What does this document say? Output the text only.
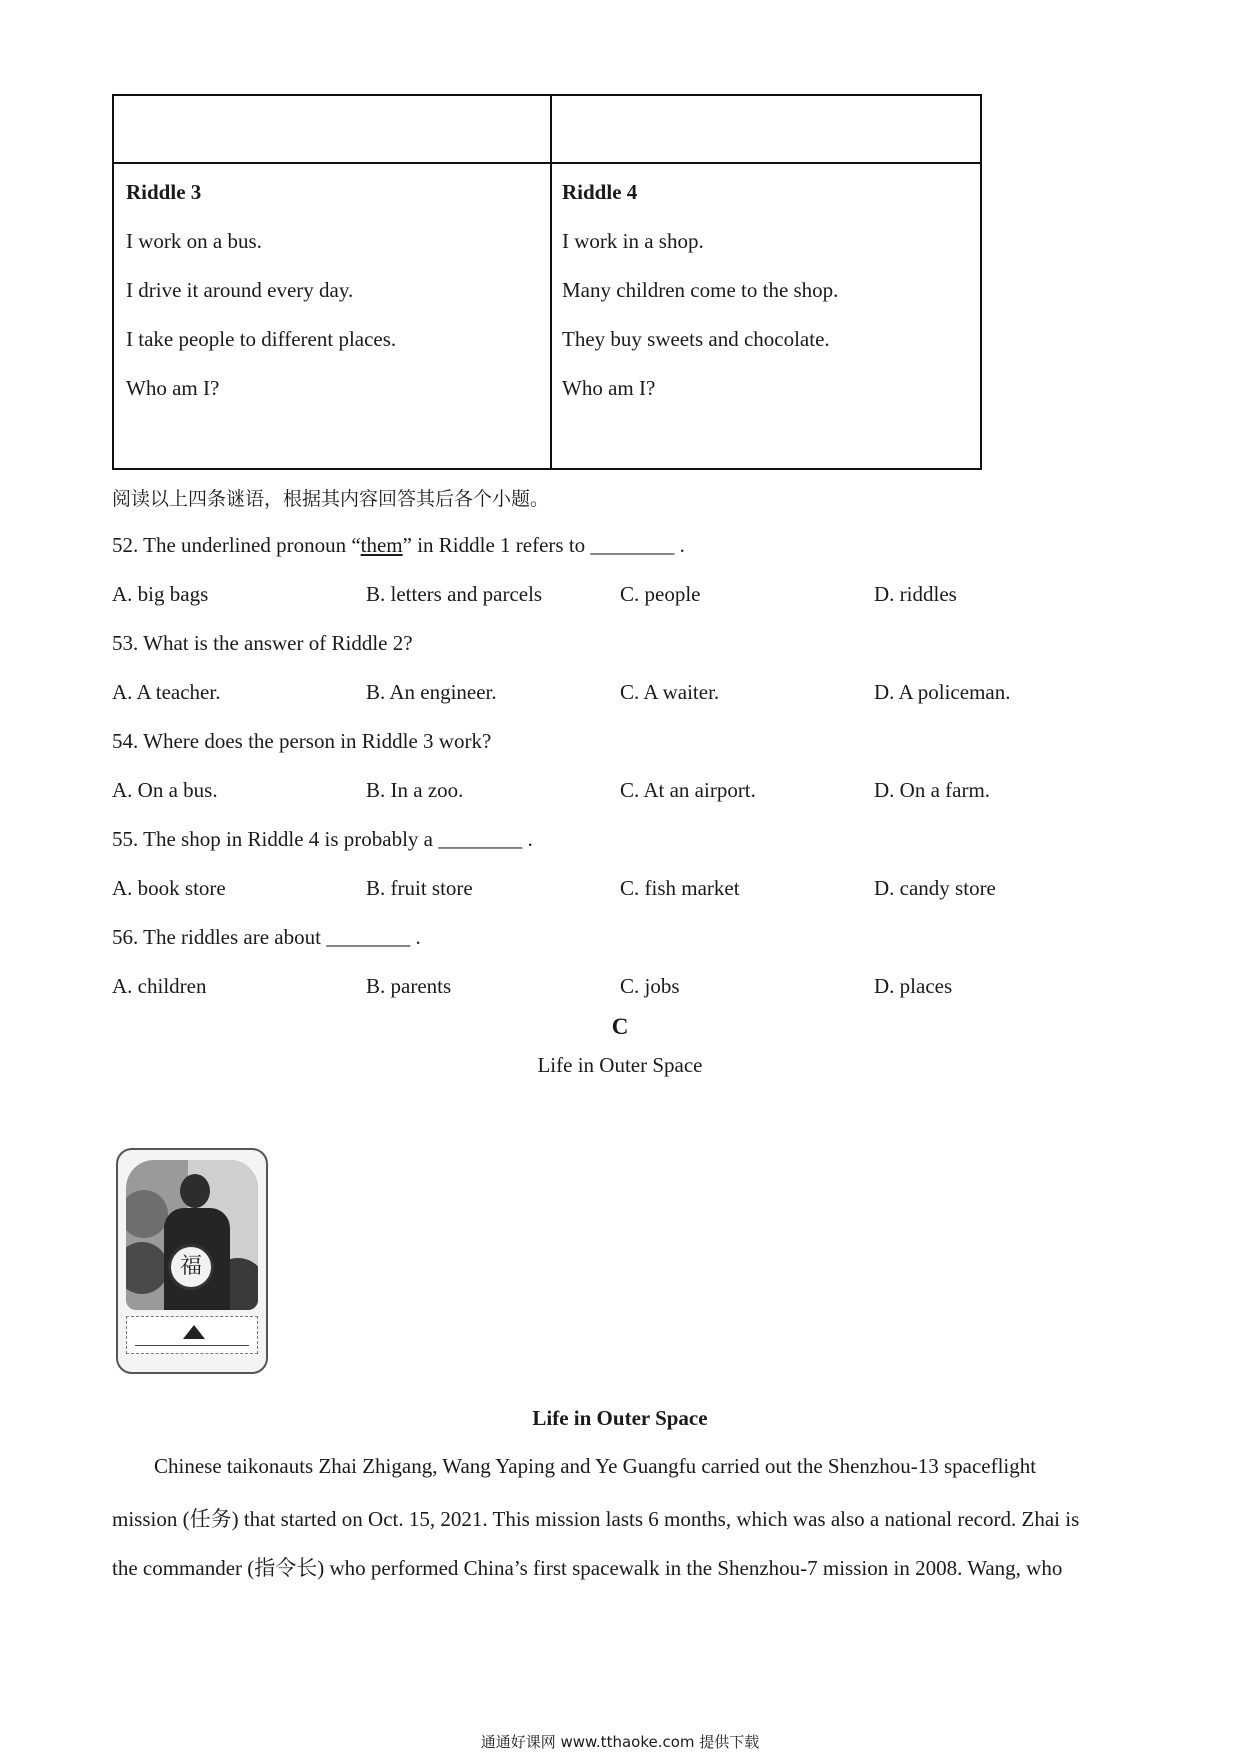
Riddle 3
I work on a bus.
I drive it around every day.
I take people to different places.
Who am I?
Riddle 4
I work in a shop.
Many children come to the shop.
They buy sweets and chocolate.
Who am I?
阅读以上四条谜语，根据其内容回答其后各个小题。
52. The underlined pronoun “them” in Riddle 1 refers to ________ .
A. big bags	B. letters and parcels	C. people	D. riddles
53. What is the answer of Riddle 2?
A. A teacher.	B. An engineer.	C. A waiter.	D. A policeman.
54. Where does the person in Riddle 3 work?
A. On a bus.	B. In a zoo.	C. At an airport.	D. On a farm.
55. The shop in Riddle 4 is probably a ________ .
A. book store	B. fruit store	C. fish market	D. candy store
56. The riddles are about ________ .
A. children	B. parents	C. jobs	D. places
C
Life in Outer Space
福
Life in Outer Space
Chinese taikonauts Zhai Zhigang, Wang Yaping and Ye Guangfu carried out the Shenzhou-13 spaceflight
mission (任务) that started on Oct. 15, 2021. This mission lasts 6 months, which was also a national record. Zhai is
the commander (指令长) who performed China’s first spacewalk in the Shenzhou-7 mission in 2008. Wang, who
通通好课网 www.tthaoke.com 提供下载
